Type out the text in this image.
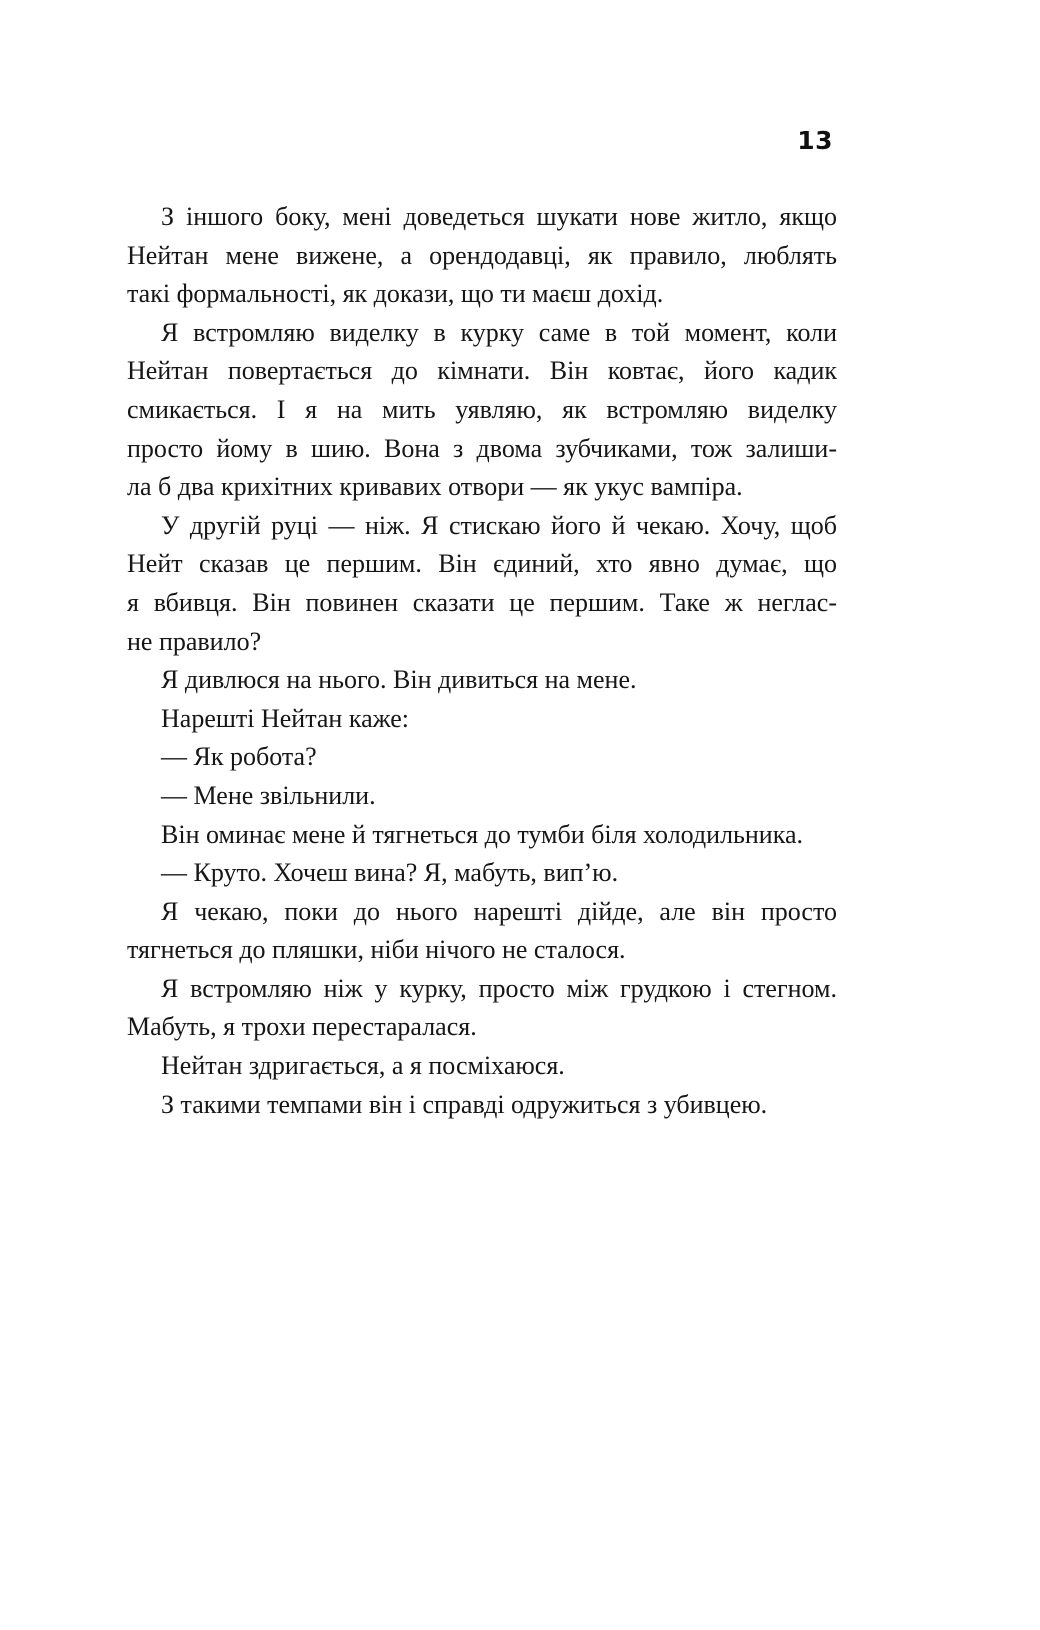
13
З іншого боку, мені доведеться шукати нове житло, якщо
Нейтан мене вижене, а орендодавці, як правило, люблять
такі формальності, як докази, що ти маєш дохід.
Я встромляю виделку в курку саме в той момент, коли
Нейтан повертається до кімнати. Він ковтає, його кадик
смикається. І я на мить уявляю, як встромляю виделку
просто йому в шию. Вона з двома зубчиками, тож залиши-
ла б два крихітних кривавих отвори — як укус вампіра.
У другій руці — ніж. Я стискаю його й чекаю. Хочу, щоб
Нейт сказав це першим. Він єдиний, хто явно думає, що
я вбивця. Він повинен сказати це першим. Таке ж неглас-
не правило?
Я дивлюся на нього. Він дивиться на мене.
Нарешті Нейтан каже:
— Як робота?
— Мене звільнили.
Він оминає мене й тягнеться до тумби біля холодильника.
— Круто. Хочеш вина? Я, мабуть, вип’ю.
Я чекаю, поки до нього нарешті дійде, але він просто
тягнеться до пляшки, ніби нічого не сталося.
Я встромляю ніж у курку, просто між грудкою і стегном.
Мабуть, я трохи перестаралася.
Нейтан здригається, а я посміхаюся.
З такими темпами він і справді одружиться з убивцею.
